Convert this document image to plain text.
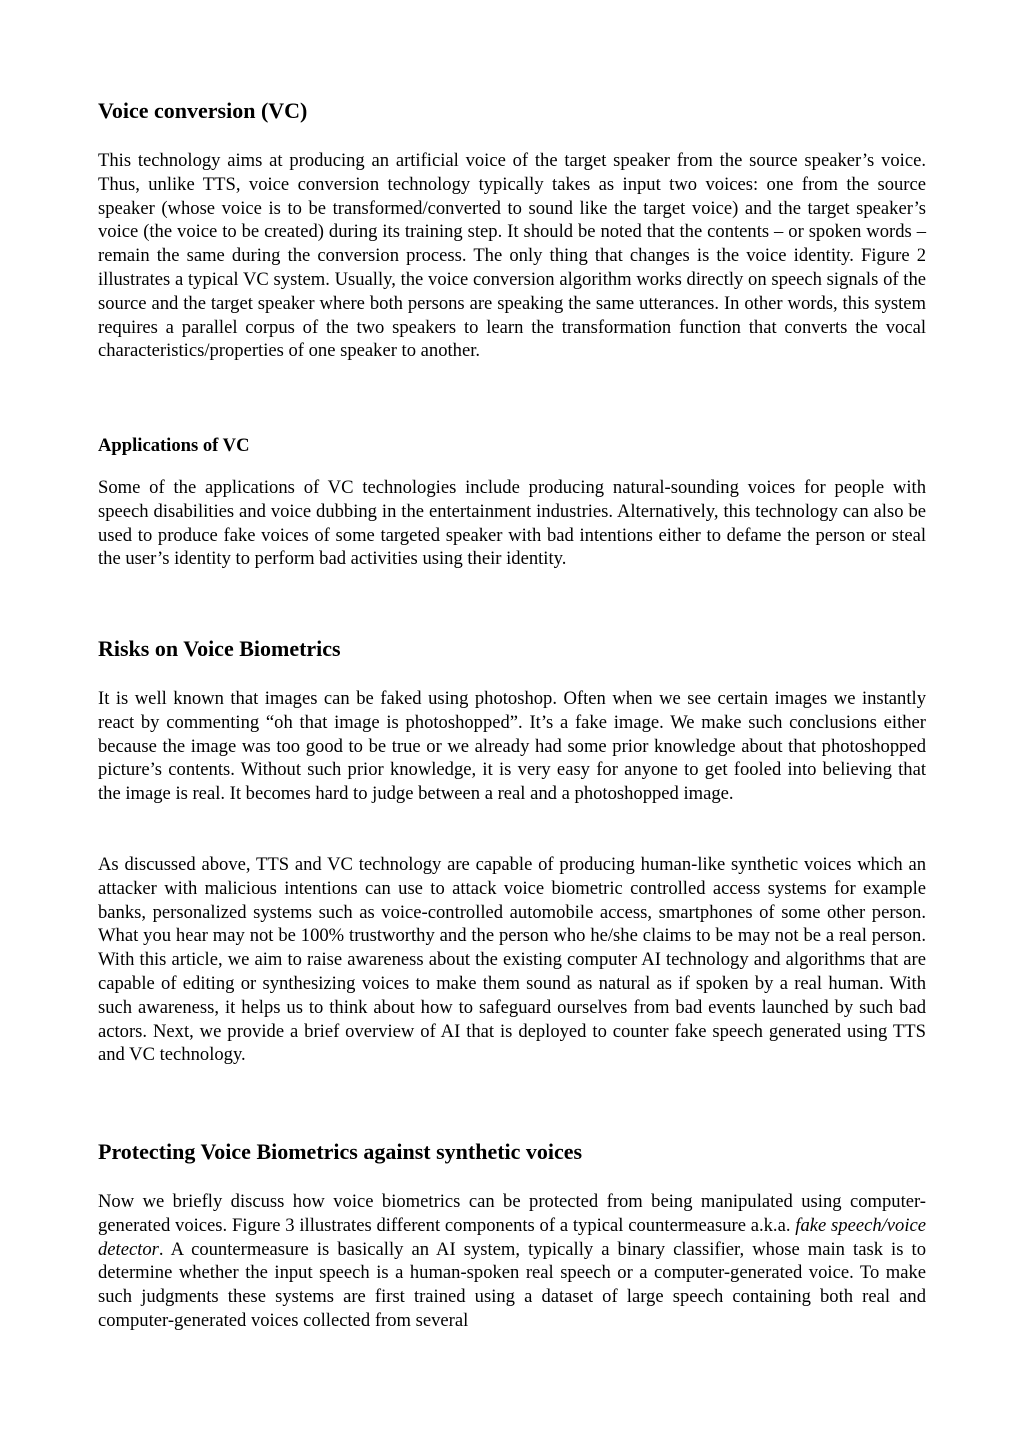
Voice conversion (VC)

This technology aims at producing an artificial voice of the target speaker from the source speaker’s voice. Thus, unlike TTS, voice conversion technology typically takes as input two voices: one from the source speaker (whose voice is to be transformed/converted to sound like the target voice) and the target speaker’s voice (the voice to be created) during its training step. It should be noted that the contents – or spoken words – remain the same during the conversion process. The only thing that changes is the voice identity. Figure 2 illustrates a typical VC system. Usually, the voice conversion algorithm works directly on speech signals of the source and the target speaker where both persons are speaking the same utterances. In other words, this system requires a parallel corpus of the two speakers to learn the transformation function that converts the vocal characteristics/properties of one speaker to another.

Applications of VC

Some of the applications of VC technologies include producing natural-sounding voices for people with speech disabilities and voice dubbing in the entertainment industries. Alternatively, this technology can also be used to produce fake voices of some targeted speaker with bad intentions either to defame the person or steal the user’s identity to perform bad activities using their identity.

Risks on Voice Biometrics

It is well known that images can be faked using photoshop. Often when we see certain images we instantly react by commenting “oh that image is photoshopped”. It’s a fake image. We make such conclusions either because the image was too good to be true or we already had some prior knowledge about that photoshopped picture’s contents. Without such prior knowledge, it is very easy for anyone to get fooled into believing that the image is real. It becomes hard to judge between a real and a photoshopped image.

As discussed above, TTS and VC technology are capable of producing human-like synthetic voices which an attacker with malicious intentions can use to attack voice biometric controlled access systems for example banks, personalized systems such as voice-controlled automobile access, smartphones of some other person. What you hear may not be 100% trustworthy and the person who he/she claims to be may not be a real person. With this article, we aim to raise awareness about the existing computer AI technology and algorithms that are capable of editing or synthesizing voices to make them sound as natural as if spoken by a real human. With such awareness, it helps us to think about how to safeguard ourselves from bad events launched by such bad actors. Next, we provide a brief overview of AI that is deployed to counter fake speech generated using TTS and VC technology.

Protecting Voice Biometrics against synthetic voices

Now we briefly discuss how voice biometrics can be protected from being manipulated using computer-generated voices. Figure 3 illustrates different components of a typical countermeasure a.k.a. fake speech/voice detector. A countermeasure is basically an AI system, typically a binary classifier, whose main task is to determine whether the input speech is a human-spoken real speech or a computer-generated voice. To make such judgments these systems are first trained using a dataset of large speech containing both real and computer-generated voices collected from several
